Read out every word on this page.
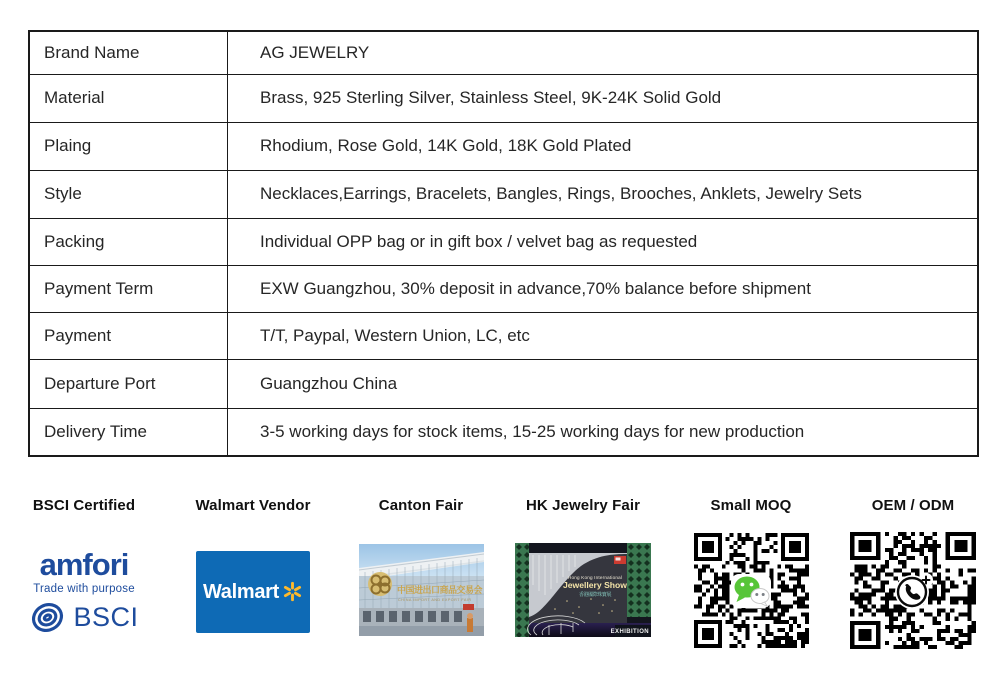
Brand Name	AG JEWELRY
Material	Brass, 925 Sterling Silver, Stainless Steel, 9K-24K Solid Gold
Plaing	Rhodium, Rose Gold, 14K Gold, 18K Gold Plated
Style	Necklaces,Earrings, Bracelets, Bangles, Rings, Brooches, Anklets, Jewelry Sets
Packing	Individual OPP bag or in gift box / velvet bag as requested
Payment Term	EXW Guangzhou, 30% deposit in advance,70% balance before shipment
Payment	T/T, Paypal, Western Union, LC, etc
Departure Port	Guangzhou China
Delivery Time	3-5 working days for stock items, 15-25 working days for new production
BSCI Certified
amfori
Trade with purpose
BSCI
Walmart Vendor
Walmart
Canton Fair
中国进出口商品交易会
CHINA IMPORT AND EXPORT FAIR
HK Jewelry Fair
Hong Kong International
Jewellery Show
香港國際珠寶展
EXHIBITION
Small MOQ	OEM / ODM
